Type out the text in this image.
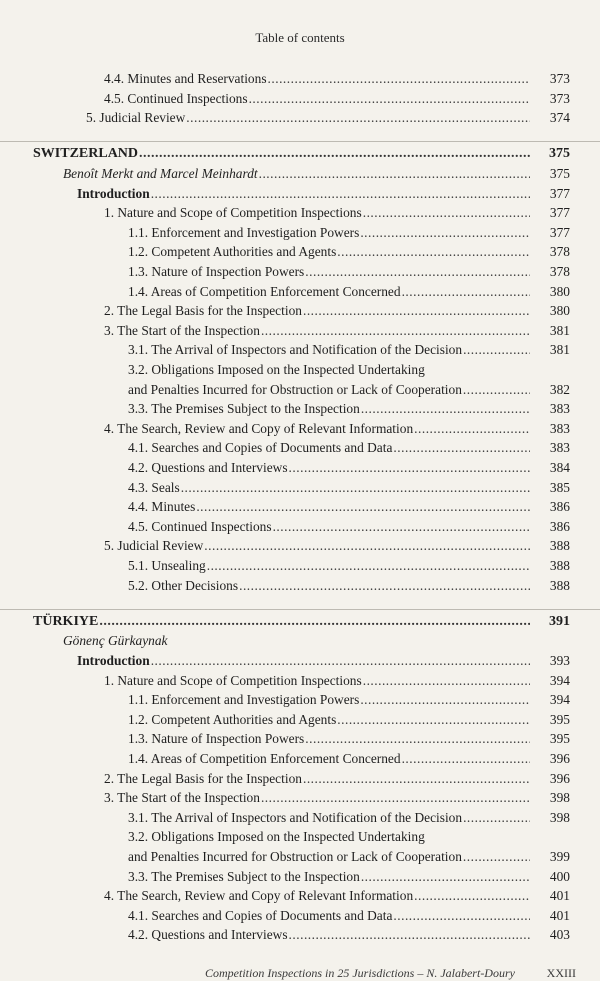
Table of contents
4.4. Minutes and Reservations .....	373
4.5. Continued Inspections .....	373
5. Judicial Review .....	374
SWITZERLAND .....	375
Benoît Merkt and Marcel Meinhardt .....	375
Introduction .....	377
1. Nature and Scope of Competition Inspections .....	377
1.1. Enforcement and Investigation Powers .....	377
1.2. Competent Authorities and Agents .....	378
1.3. Nature of Inspection Powers .....	378
1.4. Areas of Competition Enforcement Concerned .....	380
2. The Legal Basis for the Inspection .....	380
3. The Start of the Inspection .....	381
3.1. The Arrival of Inspectors and Notification of the Decision .....	381
3.2. Obligations Imposed on the Inspected Undertaking
and Penalties Incurred for Obstruction or Lack of Cooperation .....	382
3.3. The Premises Subject to the Inspection .....	383
4. The Search, Review and Copy of Relevant Information .....	383
4.1. Searches and Copies of Documents and Data .....	383
4.2. Questions and Interviews .....	384
4.3. Seals .....	385
4.4. Minutes .....	386
4.5. Continued Inspections .....	386
5. Judicial Review .....	388
5.1. Unsealing .....	388
5.2. Other Decisions .....	388
TÜRKIYE .....	391
Gönenç Gürkaynak
Introduction .....	393
1. Nature and Scope of Competition Inspections .....	394
1.1. Enforcement and Investigation Powers .....	394
1.2. Competent Authorities and Agents .....	395
1.3. Nature of Inspection Powers .....	395
1.4. Areas of Competition Enforcement Concerned .....	396
2. The Legal Basis for the Inspection .....	396
3. The Start of the Inspection .....	398
3.1. The Arrival of Inspectors and Notification of the Decision .....	398
3.2. Obligations Imposed on the Inspected Undertaking
and Penalties Incurred for Obstruction or Lack of Cooperation .....	399
3.3. The Premises Subject to the Inspection .....	400
4. The Search, Review and Copy of Relevant Information .....	401
4.1. Searches and Copies of Documents and Data .....	401
4.2. Questions and Interviews .....	403
Competition Inspections in 25 Jurisdictions – N. Jalabert-Doury	XXIII
